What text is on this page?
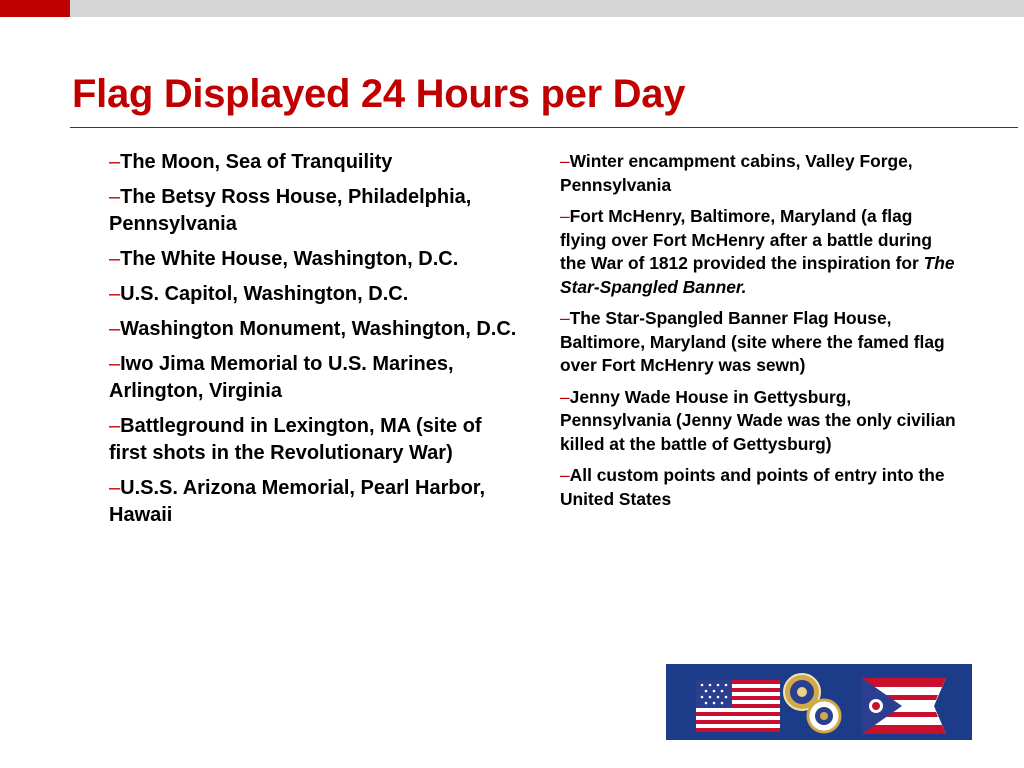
Flag Displayed 24 Hours per Day
–The Moon, Sea of Tranquility
–The Betsy Ross House, Philadelphia, Pennsylvania
–The White House, Washington, D.C.
–U.S. Capitol, Washington, D.C.
–Washington Monument, Washington, D.C.
–Iwo Jima Memorial to U.S. Marines, Arlington, Virginia
–Battleground in Lexington, MA (site of first shots in the Revolutionary War)
–U.S.S. Arizona Memorial, Pearl Harbor, Hawaii
–Winter encampment cabins, Valley Forge, Pennsylvania
–Fort McHenry, Baltimore, Maryland (a flag flying over Fort McHenry after a battle during the War of 1812 provided the inspiration for The Star-Spangled Banner.
–The Star-Spangled Banner Flag House, Baltimore, Maryland (site where the famed flag over Fort McHenry was sewn)
–Jenny Wade House in Gettysburg, Pennsylvania (Jenny Wade was the only civilian killed at the battle of Gettysburg)
–All custom points and points of entry into the United States
